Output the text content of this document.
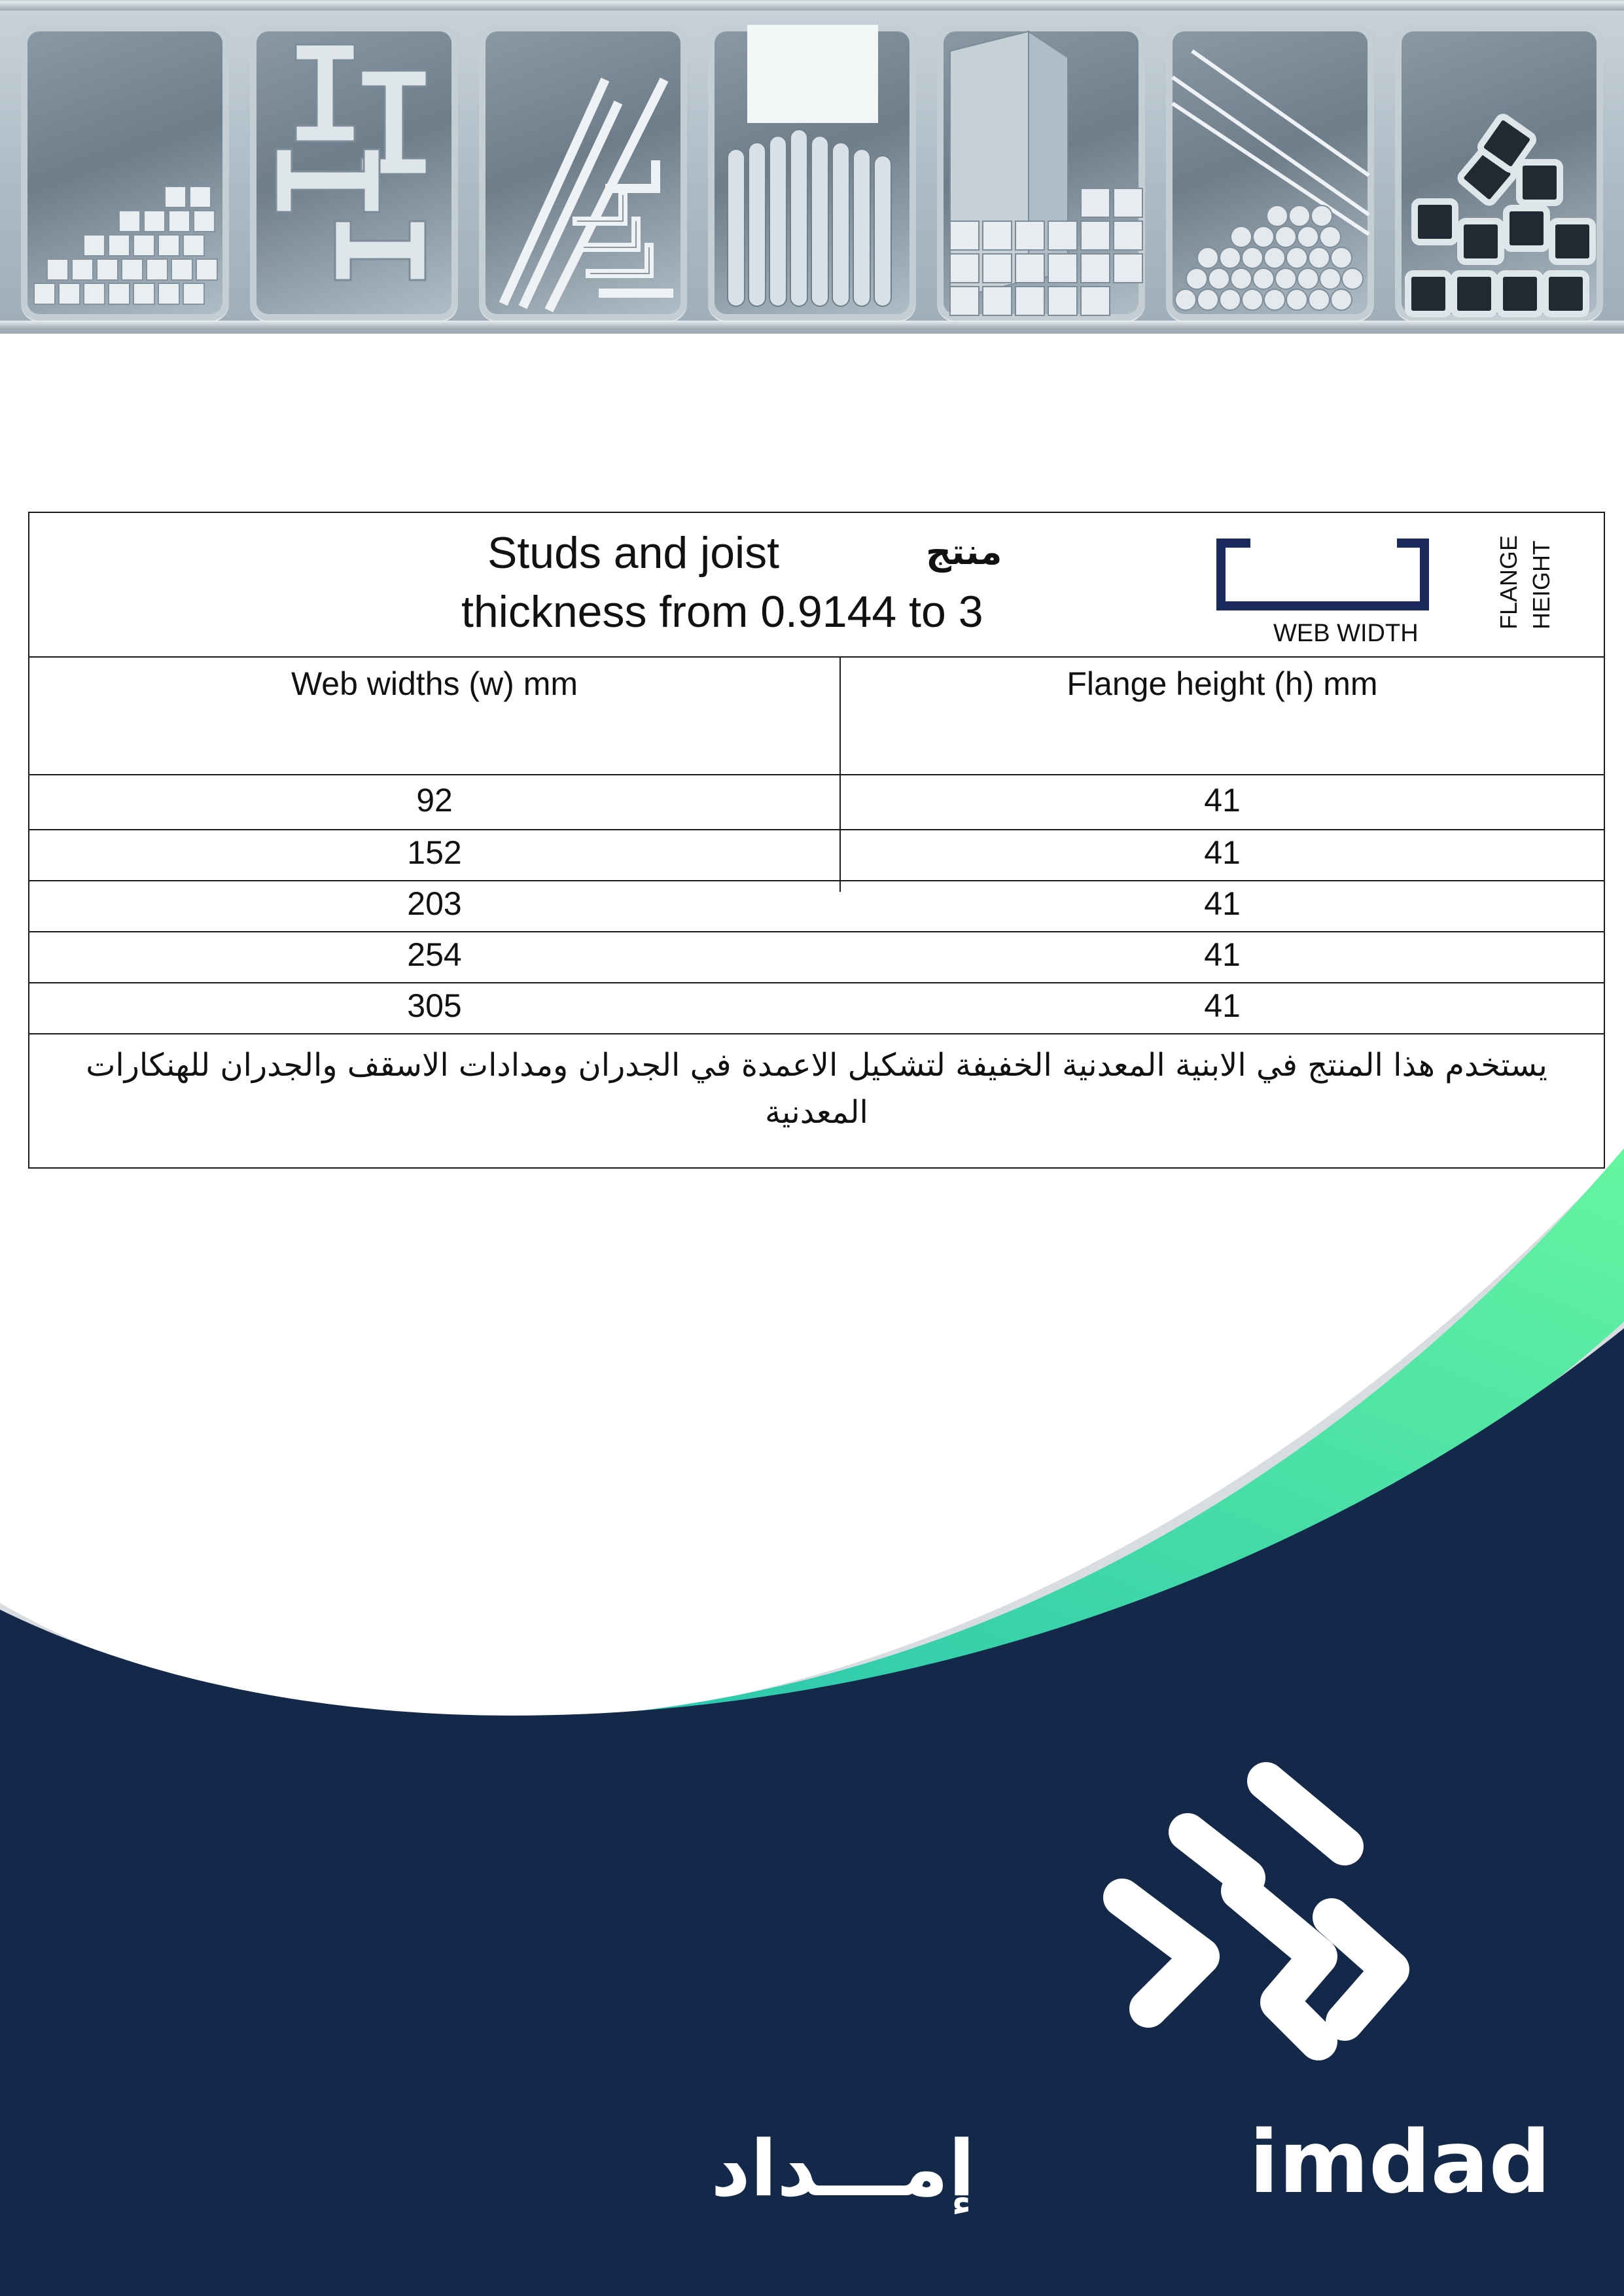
Studs and joist	منتج
thickness from 0.9144 to 3	WEB WIDTH
FLANGE HEIGHT
Web widths (w) mm	Flange height (h) mm
92	41
152	41
203	41
254	41
305	41
يستخدم هذا المنتج في الابنية المعدنية الخفيفة لتشكيل الاعمدة في الجدران ومدادات الاسقف والجدران للهنكارات المعدنية
إمـــداد	imdad
